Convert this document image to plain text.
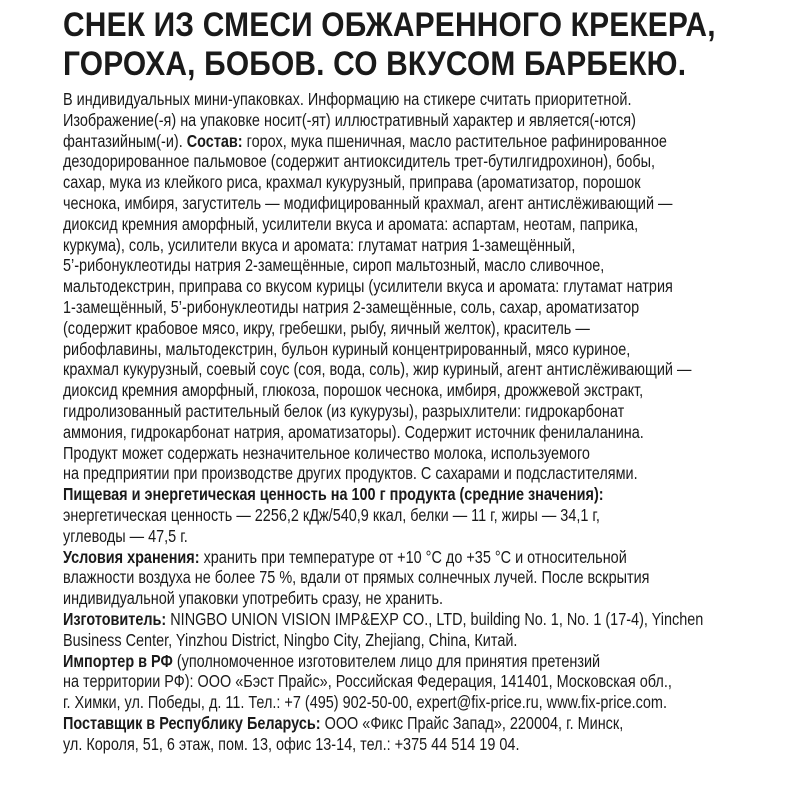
СНЕК ИЗ СМЕСИ ОБЖАРЕННОГО КРЕКЕРА,
ГОРОХА, БОБОВ. СО ВКУСОМ БАРБЕКЮ.
В индивидуальных мини-упаковках. Информацию на стикере считать приоритетной.
Изображение(-я) на упаковке носит(-ят) иллюстративный характер и является(-ются)
фантазийным(-и). Состав: горох, мука пшеничная, масло растительное рафинированное
дезодорированное пальмовое (содержит антиоксидитель трет-бутилгидрохинон), бобы,
сахар, мука из клейкого риса, крахмал кукурузный, приправа (ароматизатор, порошок
чеснока, имбиря, загуститель — модифицированный крахмал, агент антислёживающий —
диоксид кремния аморфный, усилители вкуса и аромата: аспартам, неотам, паприка,
куркума), соль, усилители вкуса и аромата: глутамат натрия 1-замещённый,
5’-рибонуклеотиды натрия 2-замещённые, сироп мальтозный, масло сливочное,
мальтодекстрин, приправа со вкусом курицы (усилители вкуса и аромата: глутамат натрия
1-замещённый, 5’-рибонуклеотиды натрия 2-замещённые, соль, сахар, ароматизатор
(содержит крабовое мясо, икру, гребешки, рыбу, яичный желток), краситель —
рибофлавины, мальтодекстрин, бульон куриный концентрированный, мясо куриное,
крахмал кукурузный, соевый соус (соя, вода, соль), жир куриный, агент антислёживающий —
диоксид кремния аморфный, глюкоза, порошок чеснока, имбиря, дрожжевой экстракт,
гидролизованный растительный белок (из кукурузы), разрыхлители: гидрокарбонат
аммония, гидрокарбонат натрия, ароматизаторы). Содержит источник фенилаланина.
Продукт может содержать незначительное количество молока, используемого
на предприятии при производстве других продуктов. С сахарами и подсластителями.
Пищевая и энергетическая ценность на 100 г продукта (средние значения):
энергетическая ценность — 2256,2 кДж/540,9 ккал, белки — 11 г, жиры — 34,1 г,
углеводы — 47,5 г.
Условия хранения: хранить при температуре от +10 °С до +35 °С и относительной
влажности воздуха не более 75 %, вдали от прямых солнечных лучей. После вскрытия
индивидуальной упаковки употребить сразу, не хранить.
Изготовитель: NINGBO UNION VISION IMP&EXP CO., LTD, building No. 1, No. 1 (17-4), Yinchen
Business Center, Yinzhou District, Ningbo City, Zhejiang, China, Китай.
Импортер в РФ (уполномоченное изготовителем лицо для принятия претензий
на территории РФ): ООО «Бэст Прайс», Российская Федерация, 141401, Московская обл.,
г. Химки, ул. Победы, д. 11. Тел.: +7 (495) 902-50-00, expert@fix-price.ru, www.fix-price.com.
Поставщик в Республику Беларусь: ООО «Фикс Прайс Запад», 220004, г. Минск,
ул. Короля, 51, 6 этаж, пом. 13, офис 13-14, тел.: +375 44 514 19 04.
